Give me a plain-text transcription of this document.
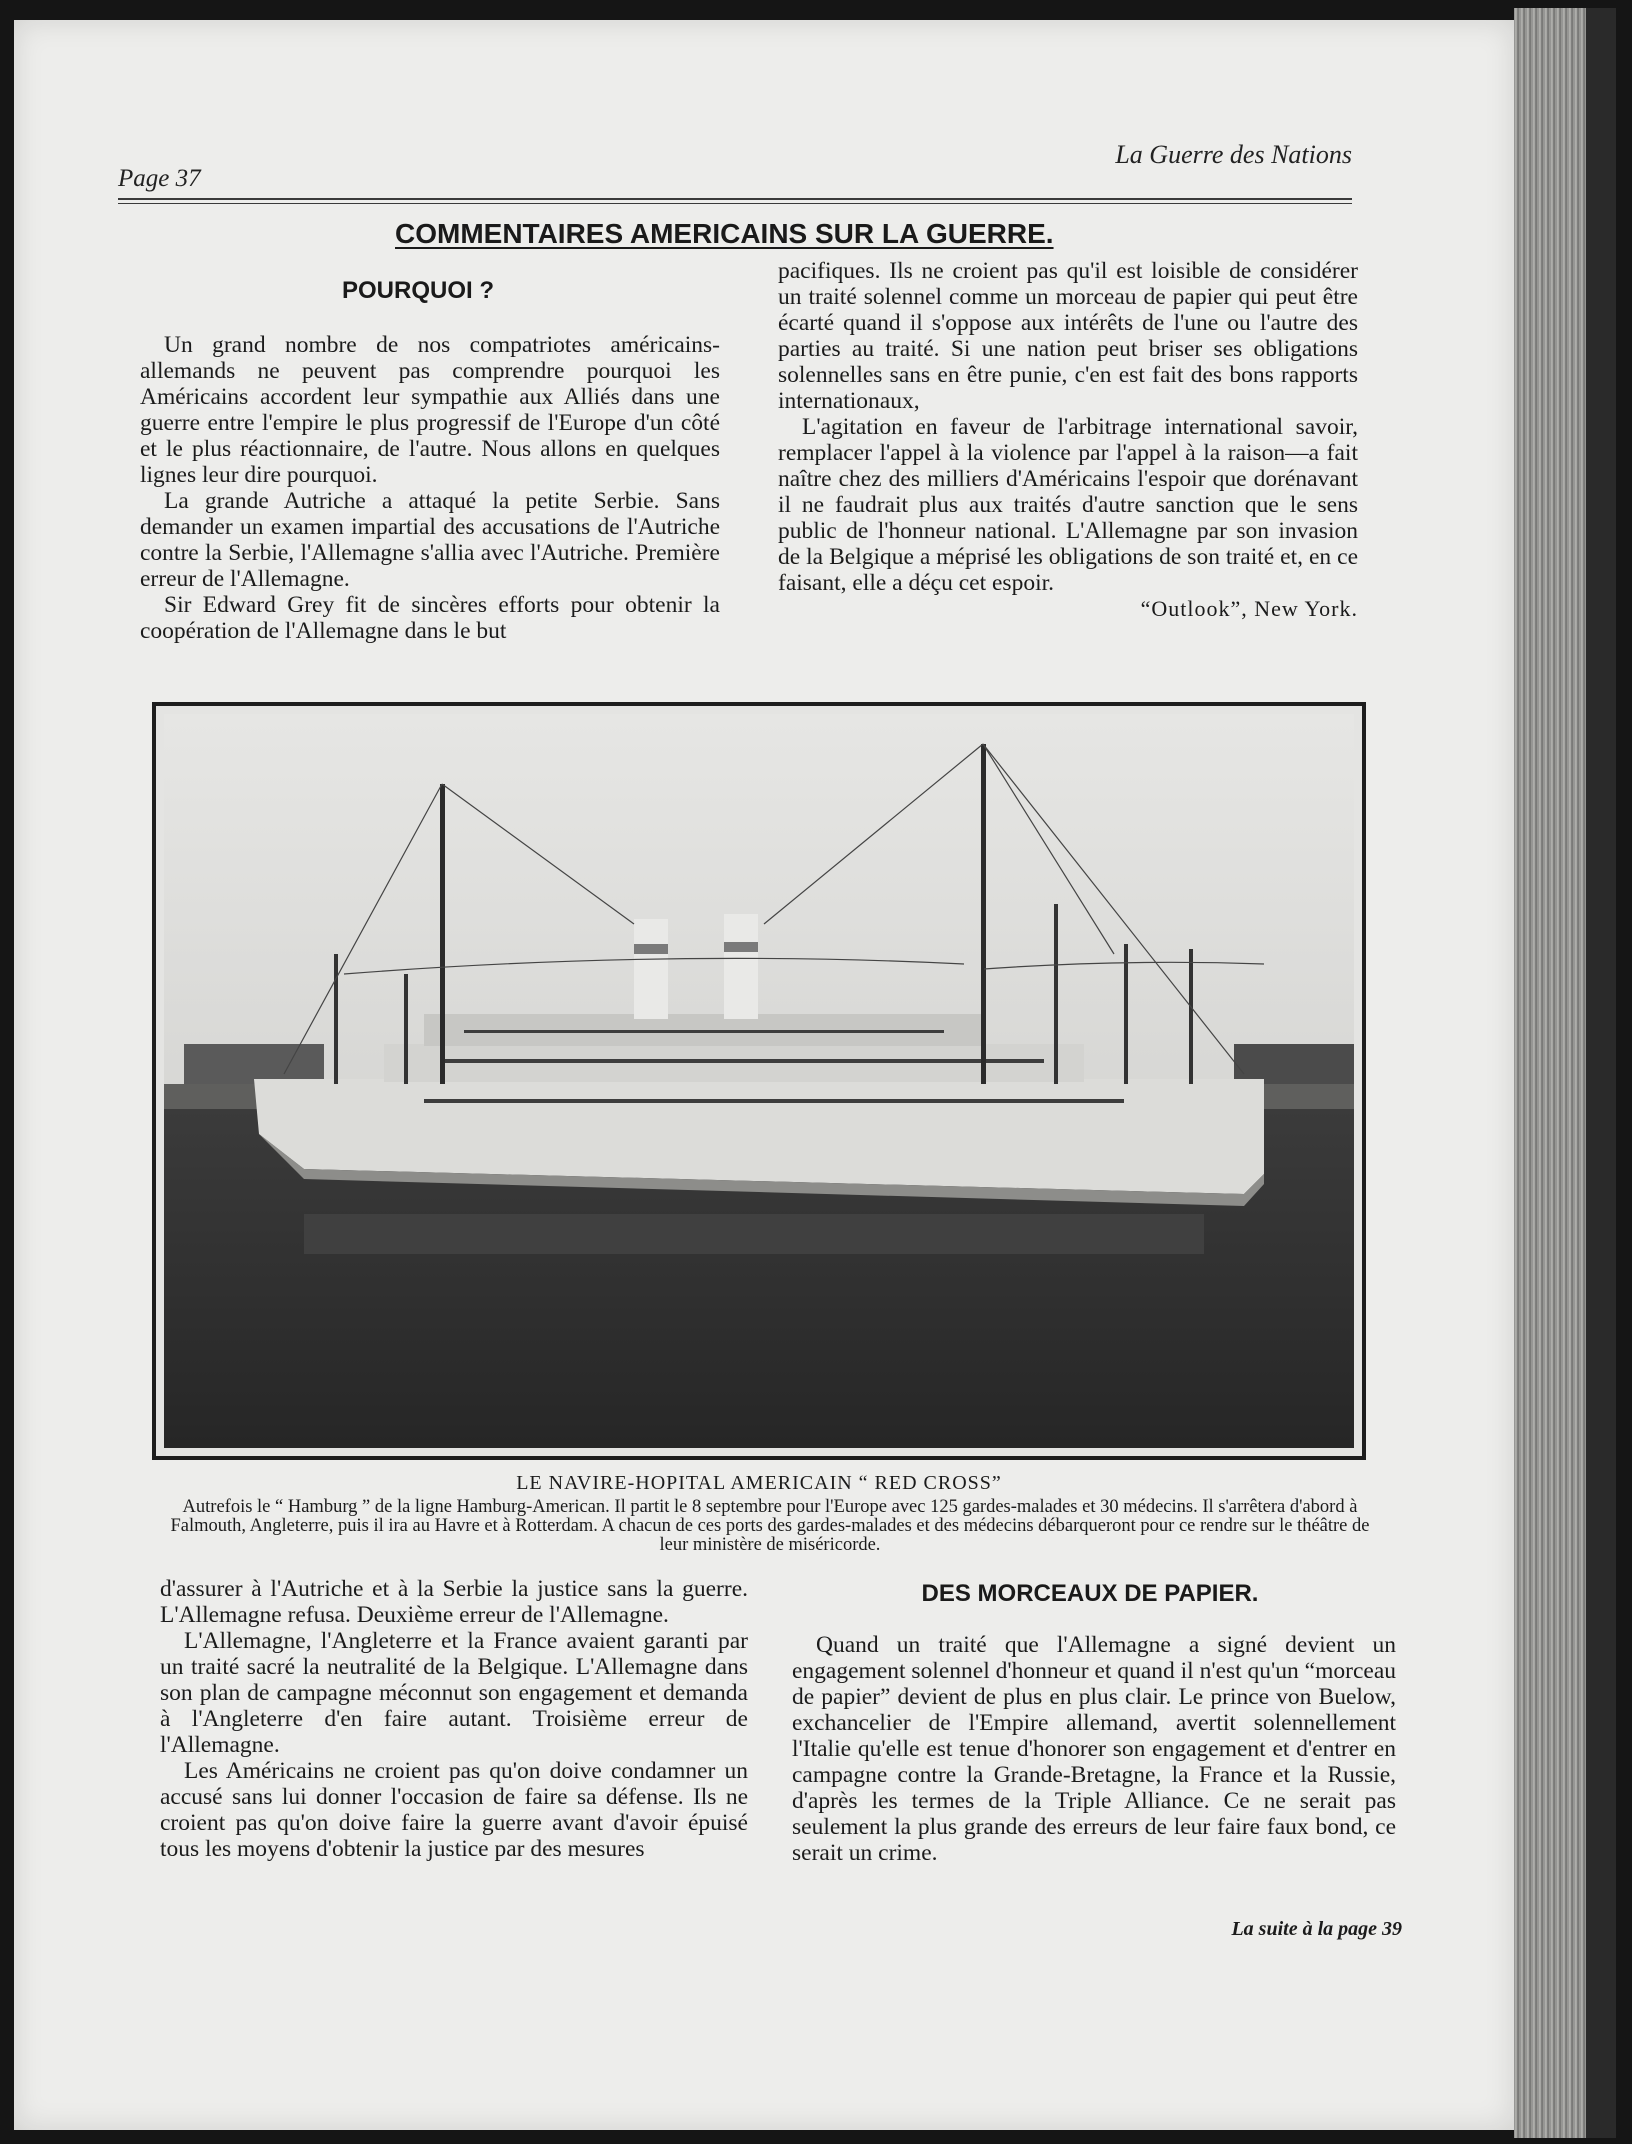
Page 37
La Guerre des Nations
COMMENTAIRES AMERICAINS SUR LA GUERRE.
POURQUOI ?

Un grand nombre de nos compatriotes américains-allemands ne peuvent pas comprendre pourquoi les Américains accordent leur sympathie aux Alliés dans une guerre entre l'empire le plus progressif de l'Europe d'un côté et le plus réactionnaire, de l'autre. Nous allons en quelques lignes leur dire pourquoi.

La grande Autriche a attaqué la petite Serbie. Sans demander un examen impartial des accusations de l'Autriche contre la Serbie, l'Allemagne s'allia avec l'Autriche. Première erreur de l'Allemagne.

Sir Edward Grey fit de sincères efforts pour obtenir la coopération de l'Allemagne dans le but

pacifiques. Ils ne croient pas qu'il est loisible de considérer un traité solennel comme un morceau de papier qui peut être écarté quand il s'oppose aux intérêts de l'une ou l'autre des parties au traité. Si une nation peut briser ses obligations solennelles sans en être punie, c'en est fait des bons rapports internationaux,

L'agitation en faveur de l'arbitrage international savoir, remplacer l'appel à la violence par l'appel à la raison—a fait naître chez des milliers d'Américains l'espoir que dorénavant il ne faudrait plus aux traités d'autre sanction que le sens public de l'honneur national. L'Allemagne par son invasion de la Belgique a méprisé les obligations de son traité et, en ce faisant, elle a déçu cet espoir.

“Outlook”, New York.
LE NAVIRE-HOPITAL AMERICAIN “ RED CROSS”
Autrefois le “ Hamburg ” de la ligne Hamburg-American. Il partit le 8 septembre pour l'Europe avec 125 gardes-malades et 30 médecins. Il s'arrêtera d'abord à Falmouth, Angleterre, puis il ira au Havre et à Rotterdam. A chacun de ces ports des gardes-malades et des médecins débarqueront pour ce rendre sur le théâtre de leur ministère de miséricorde.

d'assurer à l'Autriche et à la Serbie la justice sans la guerre. L'Allemagne refusa. Deuxième erreur de l'Allemagne.

L'Allemagne, l'Angleterre et la France avaient garanti par un traité sacré la neutralité de la Belgique. L'Allemagne dans son plan de campagne méconnut son engagement et demanda à l'Angleterre d'en faire autant. Troisième erreur de l'Allemagne.

Les Américains ne croient pas qu'on doive condamner un accusé sans lui donner l'occasion de faire sa défense. Ils ne croient pas qu'on doive faire la guerre avant d'avoir épuisé tous les moyens d'obtenir la justice par des mesures

DES MORCEAUX DE PAPIER.

Quand un traité que l'Allemagne a signé devient un engagement solennel d'honneur et quand il n'est qu'un “morceau de papier” devient de plus en plus clair. Le prince von Buelow, exchancelier de l'Empire allemand, avertit solennellement l'Italie qu'elle est tenue d'honorer son engagement et d'entrer en campagne contre la Grande-Bretagne, la France et la Russie, d'après les termes de la Triple Alliance. Ce ne serait pas seulement la plus grande des erreurs de leur faire faux bond, ce serait un crime.

La suite à la page 39
